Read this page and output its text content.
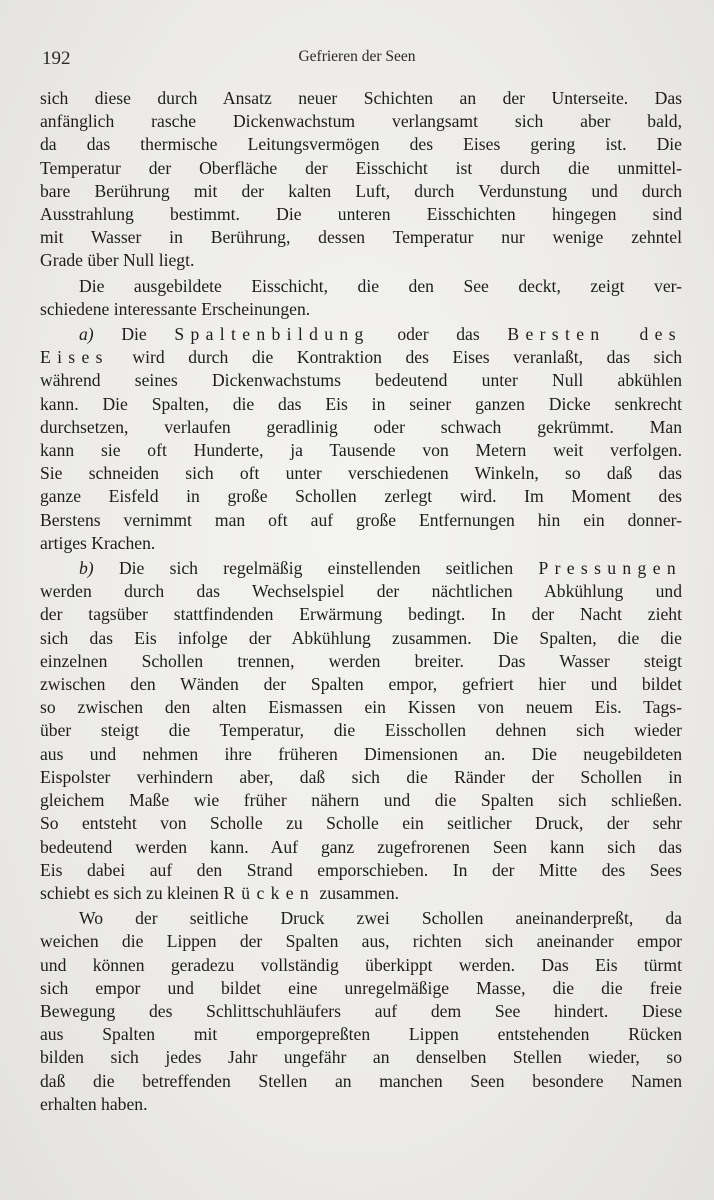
192	Gefrieren der Seen

sich diese durch Ansatz neuer Schichten an der Unterseite. Das

anfänglich rasche Dickenwachstum verlangsamt sich aber bald,

da das thermische Leitungsvermögen des Eises gering ist. Die

Temperatur der Oberfläche der Eisschicht ist durch die unmittel-

bare Berührung mit der kalten Luft, durch Verdunstung und durch

Ausstrahlung bestimmt. Die unteren Eisschichten hingegen sind

mit Wasser in Berührung, dessen Temperatur nur wenige zehntel

Grade über Null liegt.

Die ausgebildete Eisschicht, die den See deckt, zeigt ver-

schiedene interessante Erscheinungen.

a) Die Spaltenbildung oder das Bersten des

Eises wird durch die Kontraktion des Eises veranlaßt, das sich

während seines Dickenwachstums bedeutend unter Null abkühlen

kann. Die Spalten, die das Eis in seiner ganzen Dicke senkrecht

durchsetzen, verlaufen geradlinig oder schwach gekrümmt. Man

kann sie oft Hunderte, ja Tausende von Metern weit verfolgen.

Sie schneiden sich oft unter verschiedenen Winkeln, so daß das

ganze Eisfeld in große Schollen zerlegt wird. Im Moment des

Berstens vernimmt man oft auf große Entfernungen hin ein donner-

artiges Krachen.

b) Die sich regelmäßig einstellenden seitlichen Pressungen

werden durch das Wechselspiel der nächtlichen Abkühlung und

der tagsüber stattfindenden Erwärmung bedingt. In der Nacht zieht

sich das Eis infolge der Abkühlung zusammen. Die Spalten, die die

einzelnen Schollen trennen, werden breiter. Das Wasser steigt

zwischen den Wänden der Spalten empor, gefriert hier und bildet

so zwischen den alten Eismassen ein Kissen von neuem Eis. Tags-

über steigt die Temperatur, die Eisschollen dehnen sich wieder

aus und nehmen ihre früheren Dimensionen an. Die neugebildeten

Eispolster verhindern aber, daß sich die Ränder der Schollen in

gleichem Maße wie früher nähern und die Spalten sich schließen.

So entsteht von Scholle zu Scholle ein seitlicher Druck, der sehr

bedeutend werden kann. Auf ganz zugefrorenen Seen kann sich das

Eis dabei auf den Strand emporschieben. In der Mitte des Sees

schiebt es sich zu kleinen Rücken zusammen.

Wo der seitliche Druck zwei Schollen aneinanderpreßt, da

weichen die Lippen der Spalten aus, richten sich aneinander empor

und können geradezu vollständig überkippt werden. Das Eis türmt

sich empor und bildet eine unregelmäßige Masse, die die freie

Bewegung des Schlittschuhläufers auf dem See hindert. Diese

aus Spalten mit emporgepreßten Lippen entstehenden Rücken

bilden sich jedes Jahr ungefähr an denselben Stellen wieder, so

daß die betreffenden Stellen an manchen Seen besondere Namen

erhalten haben.
